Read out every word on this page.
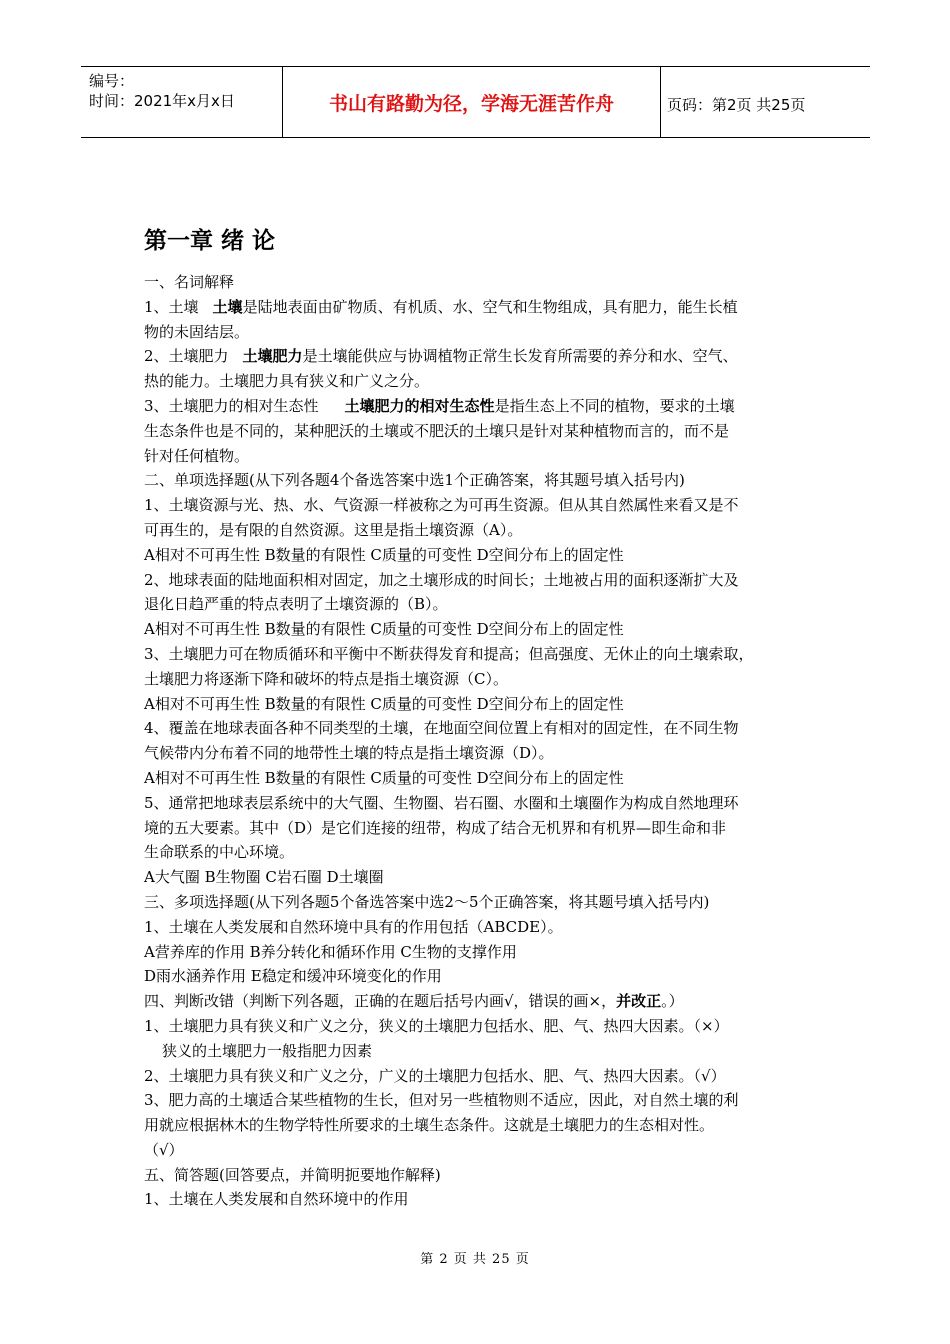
编号：
时间：2021年x月x日	书山有路勤为径，学海无涯苦作舟	页码：第2页 共25页
第一章 绪 论

一、名词解释

1、土壤 土壤是陆地表面由矿物质、有机质、水、空气和生物组成，具有肥力，能生长植

物的未固结层。

2、土壤肥力 土壤肥力是土壤能供应与协调植物正常生长发育所需要的养分和水、空气、

热的能力。土壤肥力具有狭义和广义之分。

3、土壤肥力的相对生态性 土壤肥力的相对生态性是指生态上不同的植物，要求的土壤

生态条件也是不同的，某种肥沃的土壤或不肥沃的土壤只是针对某种植物而言的，而不是

针对任何植物。

二、单项选择题(从下列各题4个备选答案中选1个正确答案，将其题号填入括号内)

1、土壤资源与光、热、水、气资源一样被称之为可再生资源。但从其自然属性来看又是不

可再生的，是有限的自然资源。这里是指土壤资源（A）。

A相对不可再生性 B数量的有限性 C质量的可变性 D空间分布上的固定性

2、地球表面的陆地面积相对固定，加之土壤形成的时间长；土地被占用的面积逐渐扩大及

退化日趋严重的特点表明了土壤资源的（B）。

A相对不可再生性 B数量的有限性 C质量的可变性 D空间分布上的固定性

3、土壤肥力可在物质循环和平衡中不断获得发育和提高；但高强度、无休止的向土壤索取，

土壤肥力将逐渐下降和破坏的特点是指土壤资源（C）。

A相对不可再生性 B数量的有限性 C质量的可变性 D空间分布上的固定性

4、覆盖在地球表面各种不同类型的土壤，在地面空间位置上有相对的固定性，在不同生物

气候带内分布着不同的地带性土壤的特点是指土壤资源（D）。

A相对不可再生性 B数量的有限性 C质量的可变性 D空间分布上的固定性

5、通常把地球表层系统中的大气圈、生物圈、岩石圈、水圈和土壤圈作为构成自然地理环

境的五大要素。其中（D）是它们连接的纽带，构成了结合无机界和有机界—即生命和非

生命联系的中心环境。

A大气圈 B生物圈 C岩石圈 D土壤圈

三、多项选择题(从下列各题5个备选答案中选2～5个正确答案，将其题号填入括号内)

1、土壤在人类发展和自然环境中具有的作用包括（ABCDE）。

A营养库的作用 B养分转化和循环作用 C生物的支撑作用

D雨水涵养作用 E稳定和缓冲环境变化的作用

四、判断改错（判断下列各题，正确的在题后括号内画√，错误的画×，并改正。）

1、土壤肥力具有狭义和广义之分，狭义的土壤肥力包括水、肥、气、热四大因素。（×）

狭义的土壤肥力一般指肥力因素

2、土壤肥力具有狭义和广义之分，广义的土壤肥力包括水、肥、气、热四大因素。（√）

3、肥力高的土壤适合某些植物的生长，但对另一些植物则不适应，因此，对自然土壤的利

用就应根据林木的生物学特性所要求的土壤生态条件。这就是土壤肥力的生态相对性。

（√）

五、简答题(回答要点，并简明扼要地作解释)

1、土壤在人类发展和自然环境中的作用

第 2 页 共 25 页
